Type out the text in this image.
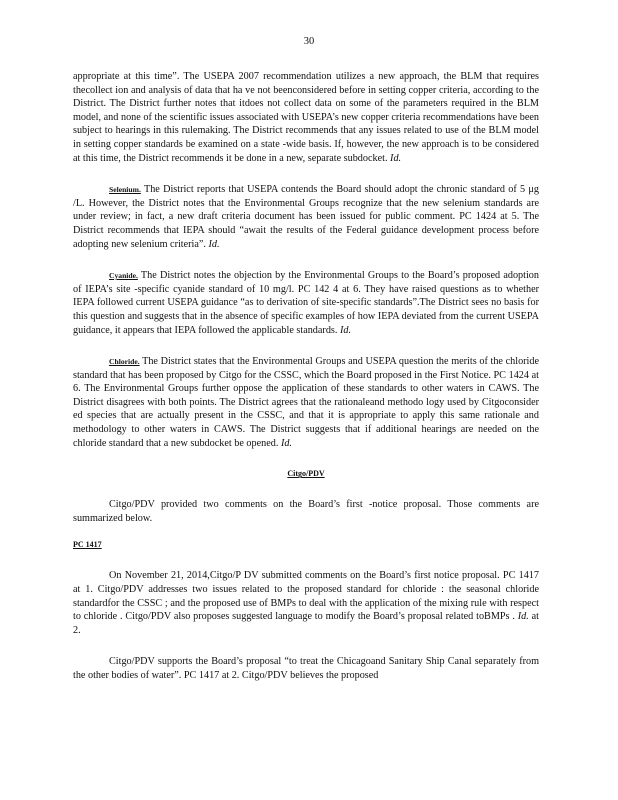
30

appropriate at this time”. The USEPA 2007 recommendation utilizes a new approach, the BLM that requires thecollect ion and analysis of data that ha ve not beenconsidered before in setting copper criteria, according to the District. The District further notes that itdoes not collect data on some of the parameters required in the BLM model, and none of the scientific issues associated with USEPA’s new copper criteria recommendations have been subject to hearings in this rulemaking. The District recommends that any issues related to use of the BLM model in setting copper standards be examined on a state -wide basis. If, however, the new approach is to be considered at this time, the District recommends it be done in a new, separate subdocket. Id.

Selenium. The District reports that USEPA contends the Board should adopt the chronic standard of 5 μg /L. However, the District notes that the Environmental Groups recognize that the new selenium standards are under review; in fact, a new draft criteria document has been issued for public comment. PC 1424 at 5. The District recommends that IEPA should “await the results of the Federal guidance development process before adopting new selenium criteria”. Id.

Cyanide. The District notes the objection by the Environmental Groups to the Board’s proposed adoption of IEPA’s site -specific cyanide standard of 10 mg/l. PC 142 4 at 6. They have raised questions as to whether IEPA followed current USEPA guidance “as to derivation of site-specific standards”.The District sees no basis for this question and suggests that in the absence of specific examples of how IEPA deviated from the current USEPA guidance, it appears that IEPA followed the applicable standards. Id.

Chloride. The District states that the Environmental Groups and USEPA question the merits of the chloride standard that has been proposed by Citgo for the CSSC, which the Board proposed in the First Notice. PC 1424 at 6. The Environmental Groups further oppose the application of these standards to other waters in CAWS. The District disagrees with both points. The District agrees that the rationaleand methodo logy used by Citgoconsider ed species that are actually present in the CSSC, and that it is appropriate to apply this same rationale and methodology to other waters in CAWS. The District suggests that if additional hearings are needed on the chloride standard that a new subdocket be opened. Id.

Citgo/PDV

Citgo/PDV provided two comments on the Board’s first -notice proposal. Those comments are summarized below.

PC 1417

On November 21, 2014,Citgo/P DV submitted comments on the Board’s first notice proposal. PC 1417 at 1. Citgo/PDV addresses two issues related to the proposed standard for chloride : the seasonal chloride standardfor the CSSC ; and the proposed use of BMPs to deal with the application of the mixing rule with respect to chloride . Citgo/PDV also proposes suggested language to modify the Board’s proposal related toBMPs . Id. at 2.

Citgo/PDV supports the Board’s proposal “to treat the Chicagoand Sanitary Ship Canal separately from the other bodies of water”. PC 1417 at 2. Citgo/PDV believes the proposed
